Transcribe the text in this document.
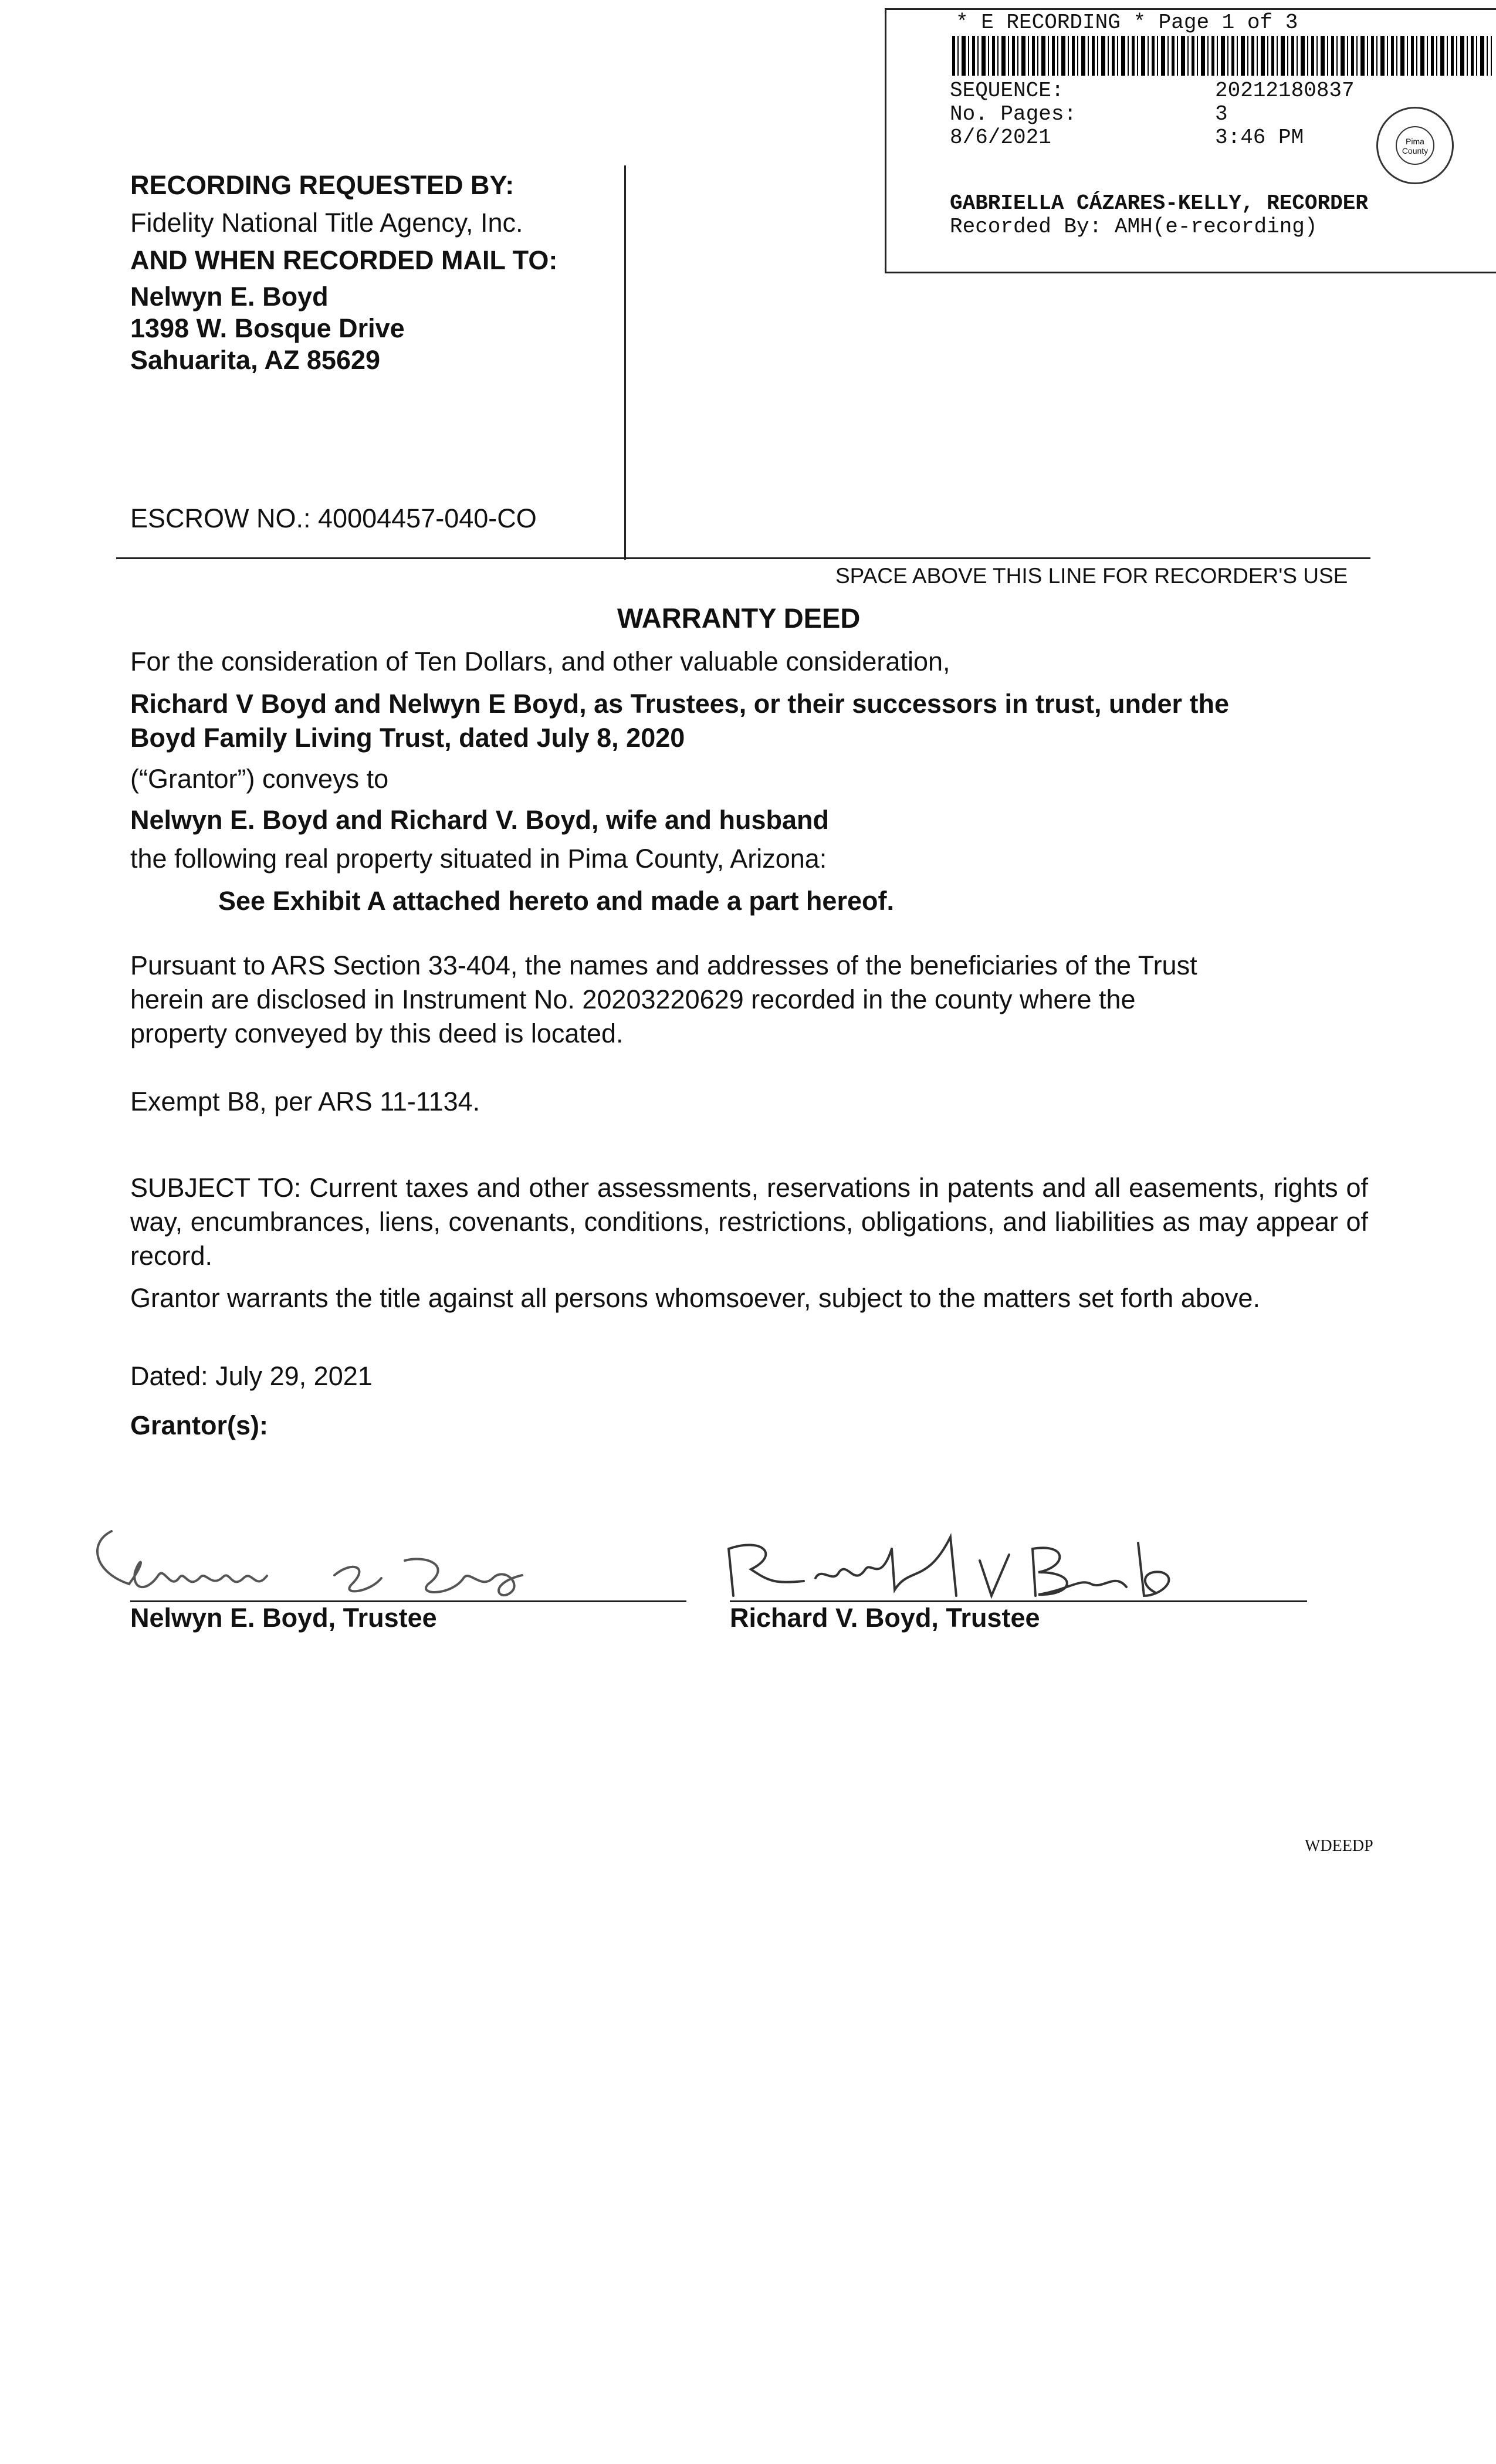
* E RECORDING * Page 1 of 3
SEQUENCE:	20212180837
No. Pages:	3
8/6/2021	3:46 PM	Pima
County
GABRIELLA CÁZARES-KELLY, RECORDER
Recorded By: AMH(e-recording)
RECORDING REQUESTED BY:
Fidelity National Title Agency, Inc.
AND WHEN RECORDED MAIL TO:
Nelwyn E. Boyd
1398 W. Bosque Drive
Sahuarita, AZ 85629
ESCROW NO.: 40004457-040-CO
SPACE ABOVE THIS LINE FOR RECORDER'S USE
WARRANTY DEED
For the consideration of Ten Dollars, and other valuable consideration,
Richard V Boyd and Nelwyn E Boyd, as Trustees, or their successors in trust, under the
Boyd Family Living Trust, dated July 8, 2020
(“Grantor”) conveys to
Nelwyn E. Boyd and Richard V. Boyd, wife and husband
the following real property situated in Pima County, Arizona:
See Exhibit A attached hereto and made a part hereof.
Pursuant to ARS Section 33-404, the names and addresses of the beneficiaries of the Trust
herein are disclosed in Instrument No. 20203220629 recorded in the county where the
property conveyed by this deed is located.
Exempt B8, per ARS 11-1134.
SUBJECT TO: Current taxes and other assessments, reservations in patents and all easements, rights of way, encumbrances, liens, covenants, conditions, restrictions, obligations, and liabilities as may appear of record.
Grantor warrants the title against all persons whomsoever, subject to the matters set forth above.
Dated: July 29, 2021
Grantor(s):
Nelwyn E. Boyd, Trustee	Richard V. Boyd, Trustee
WDEEDP
